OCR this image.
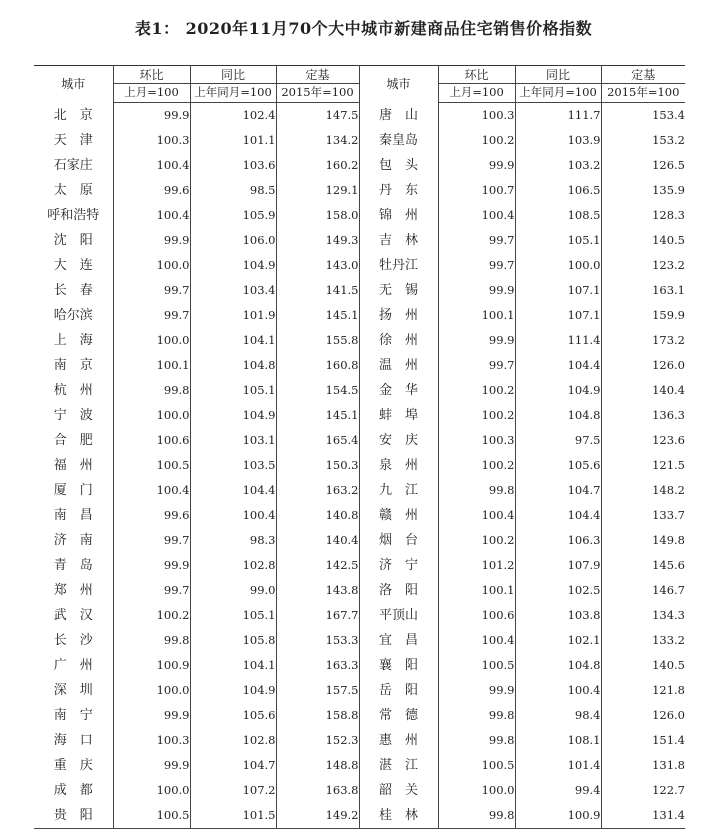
表1： 2020年11月70个大中城市新建商品住宅销售价格指数
城市	环比	同比	定基	城市	环比	同比	定基
	上月=100	上年同月=100	2015年=100		上月=100	上年同月=100	2015年=100
北　京	99.9	102.4	147.5	唐　山	100.3	111.7	153.4
天　津	100.3	101.1	134.2	秦皇岛	100.2	103.9	153.2
石家庄	100.4	103.6	160.2	包　头	99.9	103.2	126.5
太　原	99.6	98.5	129.1	丹　东	100.7	106.5	135.9
呼和浩特	100.4	105.9	158.0	锦　州	100.4	108.5	128.3
沈　阳	99.9	106.0	149.3	吉　林	99.7	105.1	140.5
大　连	100.0	104.9	143.0	牡丹江	99.7	100.0	123.2
长　春	99.7	103.4	141.5	无　锡	99.9	107.1	163.1
哈尔滨	99.7	101.9	145.1	扬　州	100.1	107.1	159.9
上　海	100.0	104.1	155.8	徐　州	99.9	111.4	173.2
南　京	100.1	104.8	160.8	温　州	99.7	104.4	126.0
杭　州	99.8	105.1	154.5	金　华	100.2	104.9	140.4
宁　波	100.0	104.9	145.1	蚌　埠	100.2	104.8	136.3
合　肥	100.6	103.1	165.4	安　庆	100.3	97.5	123.6
福　州	100.5	103.5	150.3	泉　州	100.2	105.6	121.5
厦　门	100.4	104.4	163.2	九　江	99.8	104.7	148.2
南　昌	99.6	100.4	140.8	赣　州	100.4	104.4	133.7
济　南	99.7	98.3	140.4	烟　台	100.2	106.3	149.8
青　岛	99.9	102.8	142.5	济　宁	101.2	107.9	145.6
郑　州	99.7	99.0	143.8	洛　阳	100.1	102.5	146.7
武　汉	100.2	105.1	167.7	平顶山	100.6	103.8	134.3
长　沙	99.8	105.8	153.3	宜　昌	100.4	102.1	133.2
广　州	100.9	104.1	163.3	襄　阳	100.5	104.8	140.5
深　圳	100.0	104.9	157.5	岳　阳	99.9	100.4	121.8
南　宁	99.9	105.6	158.8	常　德	99.8	98.4	126.0
海　口	100.3	102.8	152.3	惠　州	99.8	108.1	151.4
重　庆	99.9	104.7	148.8	湛　江	100.5	101.4	131.8
成　都	100.0	107.2	163.8	韶　关	100.0	99.4	122.7
贵　阳	100.5	101.5	149.2	桂　林	99.8	100.9	131.4
